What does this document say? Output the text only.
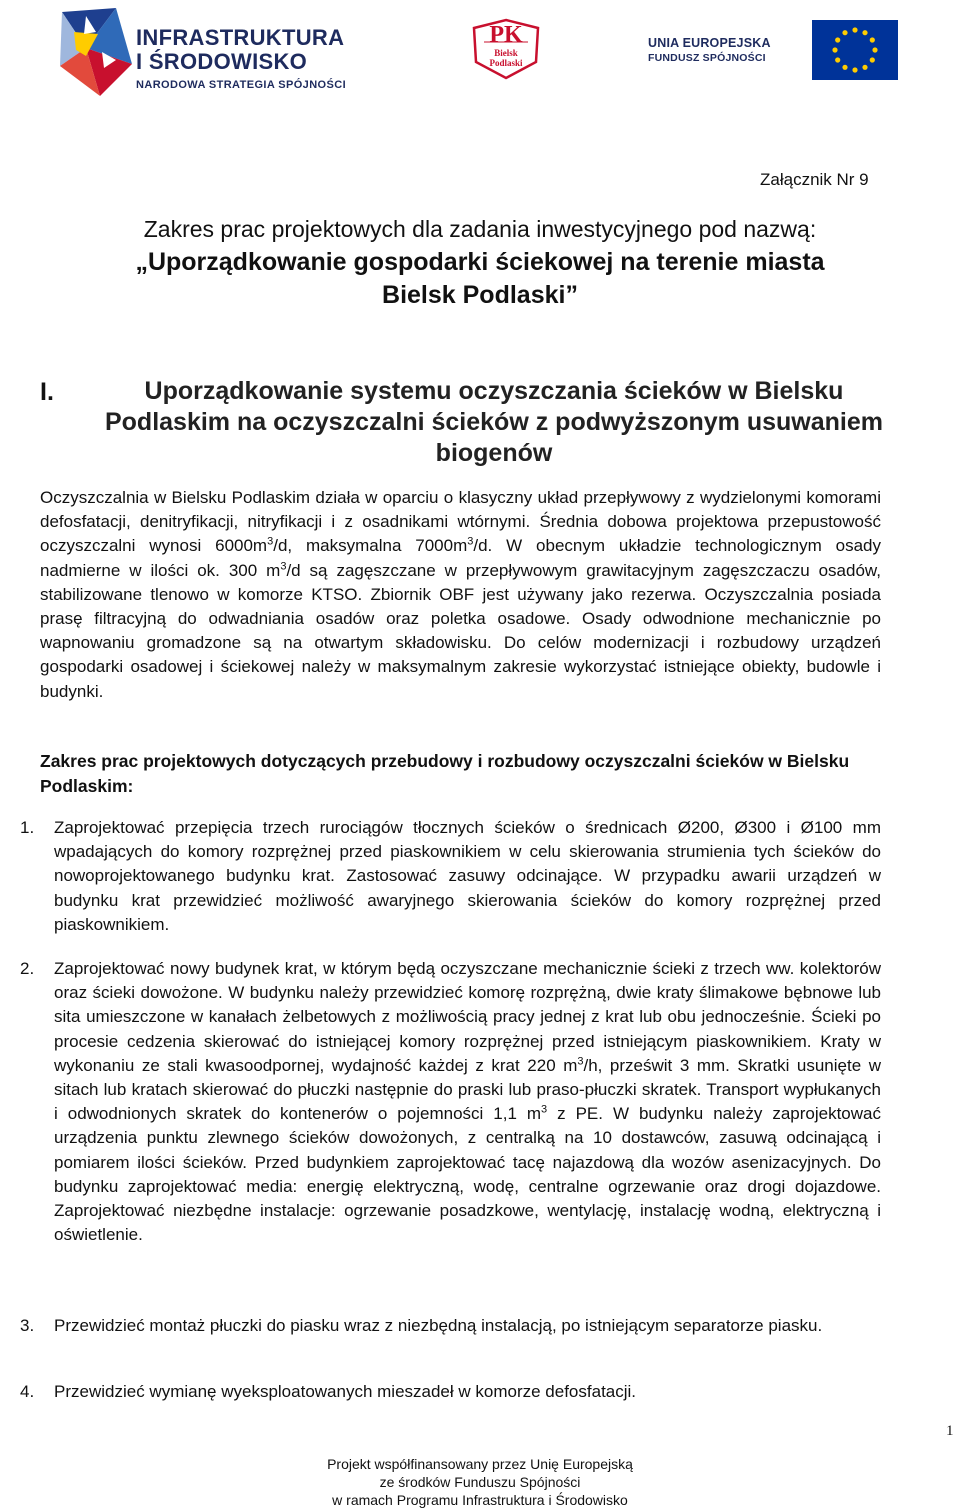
INFRASTRUKTURA
I ŚRODOWISKO
NARODOWA STRATEGIA SPÓJNOŚCI
PK
Bielsk
Podlaski
UNIA EUROPEJSKA
FUNDUSZ SPÓJNOŚCI
Załącznik Nr 9
Zakres prac projektowych dla zadania inwestycyjnego pod nazwą:
„Uporządkowanie gospodarki ściekowej na terenie miasta
Bielsk Podlaski”
I.	Uporządkowanie systemu oczyszczania ścieków w Bielsku Podlaskim na oczyszczalni ścieków z podwyższonym usuwaniem biogenów
Oczyszczalnia w Bielsku Podlaskim działa w oparciu o klasyczny układ przepływowy z wydzielonymi komorami defosfatacji, denitryfikacji, nitryfikacji i z osadnikami wtórnymi. Średnia dobowa projektowa przepustowość oczyszczalni wynosi $6000m^3/d$, maksymalna $7000m^3/d$. W obecnym układzie technologicznym osady nadmierne w ilości ok. 300 $m^3/d$ są zagęszczane w przepływowym grawitacyjnym zagęszczaczu osadów, stabilizowane tlenowo w komorze KTSO. Zbiornik OBF jest używany jako rezerwa. Oczyszczalnia posiada prasę filtracyjną do odwadniania osadów oraz poletka osadowe. Osady odwodnione mechanicznie po wapnowaniu gromadzone są na otwartym składowisku. Do celów modernizacji i rozbudowy urządzeń gospodarki osadowej i ściekowej należy w maksymalnym zakresie wykorzystać istniejące obiekty, budowle i budynki.
Zakres prac projektowych dotyczących przebudowy i rozbudowy oczyszczalni ścieków w Bielsku Podlaskim:
1.	Zaprojektować przepięcia trzech rurociągów tłocznych ścieków o średnicach Ø200, Ø300 i Ø100 mm wpadających do komory rozprężnej przed piaskownikiem w celu skierowania strumienia tych ścieków do nowoprojektowanego budynku krat. Zastosować zasuwy odcinające. W przypadku awarii urządzeń w budynku krat przewidzieć możliwość awaryjnego skierowania ścieków do komory rozprężnej przed piaskownikiem.
2.	Zaprojektować nowy budynek krat, w którym będą oczyszczane mechanicznie ścieki z trzech ww. kolektorów oraz ścieki dowożone. W budynku należy przewidzieć komorę rozprężną, dwie kraty ślimakowe bębnowe lub sita umieszczone w kanałach żelbetowych z możliwością pracy jednej z krat lub obu jednocześnie. Ścieki po procesie cedzenia skierować do istniejącej komory rozprężnej przed istniejącym piaskownikiem. Kraty w wykonaniu ze stali kwasoodpornej, wydajność każdej z krat 220 $m^3/h$, prześwit 3 mm. Skratki usunięte w sitach lub kratach skierować do płuczki następnie do praski lub praso-płuczki skratek. Transport wypłukanych i odwodnionych skratek do kontenerów o pojemności 1,1 $m^3$ z PE. W budynku należy zaprojektować urządzenia punktu zlewnego ścieków dowożonych, z centralką na 10 dostawców, zasuwą odcinającą i pomiarem ilości ścieków. Przed budynkiem zaprojektować tacę najazdową dla wozów asenizacyjnych. Do budynku zaprojektować media: energię elektryczną, wodę, centralne ogrzewanie oraz drogi dojazdowe. Zaprojektować niezbędne instalacje: ogrzewanie posadzkowe, wentylację, instalację wodną, elektryczną i oświetlenie.
3.	Przewidzieć montaż płuczki do piasku wraz z niezbędną instalacją, po istniejącym separatorze piasku.
4.	Przewidzieć wymianę wyeksploatowanych mieszadeł w komorze defosfatacji.
1
Projekt współfinansowany przez Unię Europejską
ze środków Funduszu Spójności
w ramach Programu Infrastruktura i Środowisko
